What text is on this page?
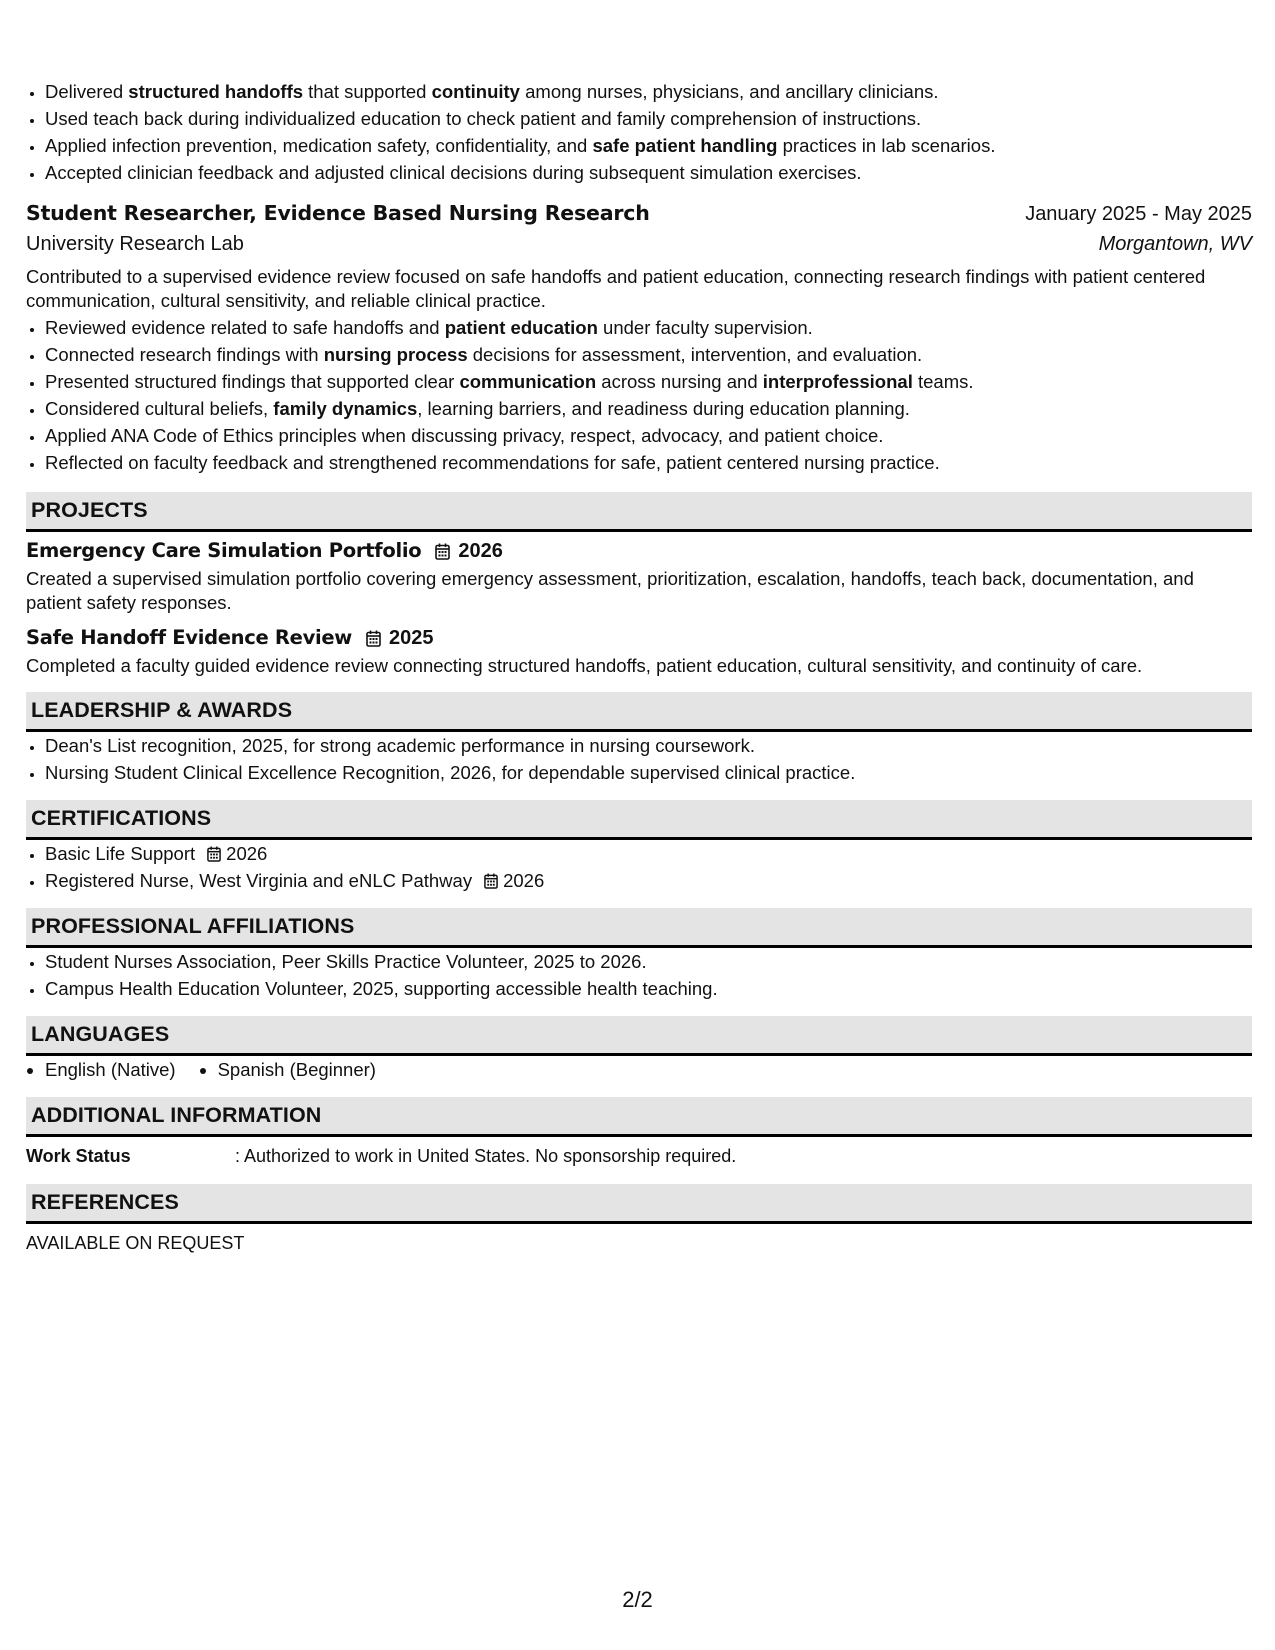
• Delivered structured handoffs that supported continuity among nurses, physicians, and ancillary clinicians.
• Used teach back during individualized education to check patient and family comprehension of instructions.
• Applied infection prevention, medication safety, confidentiality, and safe patient handling practices in lab scenarios.
• Accepted clinician feedback and adjusted clinical decisions during subsequent simulation exercises.
Student Researcher, Evidence Based Nursing Research	January 2025 - May 2025
University Research Lab	Morgantown, WV
Contributed to a supervised evidence review focused on safe handoffs and patient education, connecting research findings with patient centered communication, cultural sensitivity, and reliable clinical practice.
• Reviewed evidence related to safe handoffs and patient education under faculty supervision.
• Connected research findings with nursing process decisions for assessment, intervention, and evaluation.
• Presented structured findings that supported clear communication across nursing and interprofessional teams.
• Considered cultural beliefs, family dynamics, learning barriers, and readiness during education planning.
• Applied ANA Code of Ethics principles when discussing privacy, respect, advocacy, and patient choice.
• Reflected on faculty feedback and strengthened recommendations for safe, patient centered nursing practice.
PROJECTS
Emergency Care Simulation Portfolio 2026
Created a supervised simulation portfolio covering emergency assessment, prioritization, escalation, handoffs, teach back, documentation, and patient safety responses.
Safe Handoff Evidence Review 2025
Completed a faculty guided evidence review connecting structured handoffs, patient education, cultural sensitivity, and continuity of care.
LEADERSHIP & AWARDS
• Dean's List recognition, 2025, for strong academic performance in nursing coursework.
• Nursing Student Clinical Excellence Recognition, 2026, for dependable supervised clinical practice.
CERTIFICATIONS
• Basic Life Support 2026
• Registered Nurse, West Virginia and eNLC Pathway 2026
PROFESSIONAL AFFILIATIONS
• Student Nurses Association, Peer Skills Practice Volunteer, 2025 to 2026.
• Campus Health Education Volunteer, 2025, supporting accessible health teaching.
LANGUAGES
• English (Native)
• Spanish (Beginner)
ADDITIONAL INFORMATION
Work Status	: Authorized to work in United States. No sponsorship required.
REFERENCES
AVAILABLE ON REQUEST
2/2
